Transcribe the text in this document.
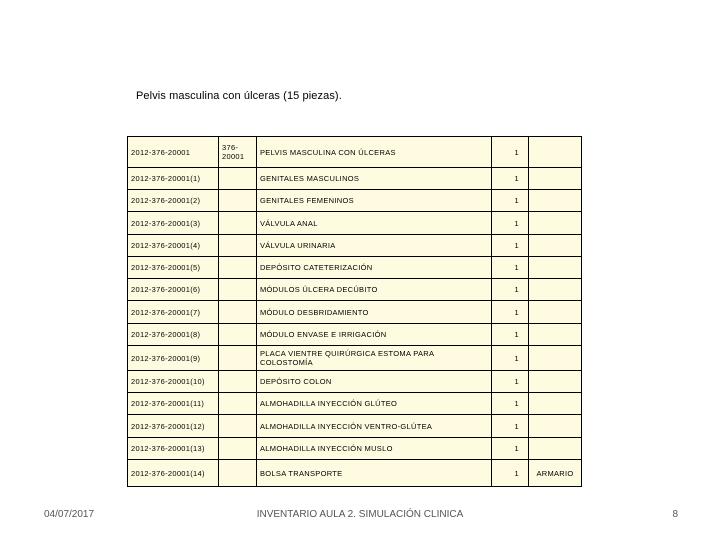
Pelvis masculina con úlceras (15 piezas).
2012-376-20001	376-20001	PELVIS MASCULINA CON ÚLCERAS	1	
2012-376-20001(1)		GENITALES MASCULINOS	1	
2012-376-20001(2)		GENITALES FEMENINOS	1	
2012-376-20001(3)		VÁLVULA ANAL	1	
2012-376-20001(4)		VÁLVULA URINARIA	1	
2012-376-20001(5)		DEPÓSITO CATETERIZACIÓN	1	
2012-376-20001(6)		MÓDULOS ÚLCERA DECÚBITO	1	
2012-376-20001(7)		MÓDULO DESBRIDAMIENTO	1	
2012-376-20001(8)		MÓDULO ENVASE E IRRIGACIÓN	1	
2012-376-20001(9)		PLACA VIENTRE QUIRÚRGICA ESTOMA PARA COLOSTOMÍA	1	
2012-376-20001(10)		DEPÓSITO COLON	1	
2012-376-20001(11)		ALMOHADILLA INYECCIÓN GLÚTEO	1	
2012-376-20001(12)		ALMOHADILLA INYECCIÓN VENTRO-GLÚTEA	1	
2012-376-20001(13)		ALMOHADILLA INYECCIÓN MUSLO	1	
2012-376-20001(14)		BOLSA TRANSPORTE	1	ARMARIO
04/07/2017	INVENTARIO AULA 2. SIMULACIÓN CLINICA	8
